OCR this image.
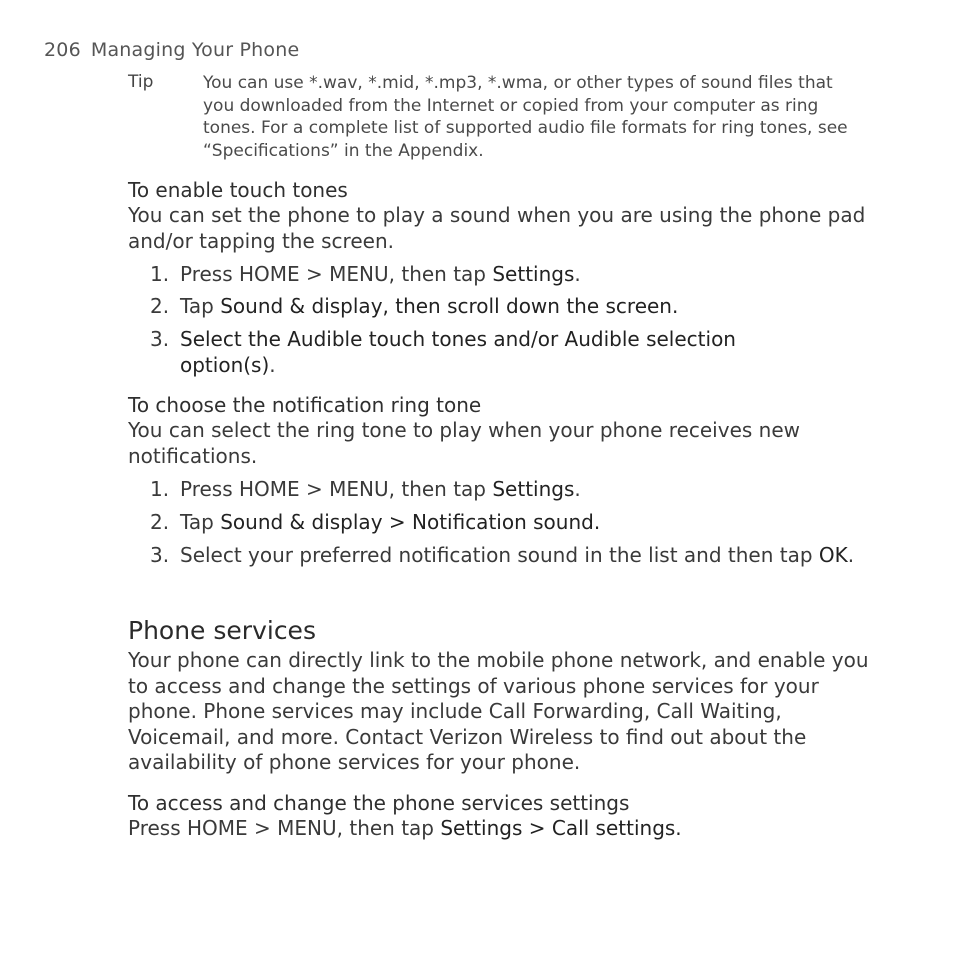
206 Managing Your Phone
Tip	You can use *.wav, *.mid, *.mp3, *.wma, or other types of sound files that you downloaded from the Internet or copied from your computer as ring tones. For a complete list of supported audio file formats for ring tones, see “Specifications” in the Appendix.
To enable touch tones
You can set the phone to play a sound when you are using the phone pad and/or tapping the screen.
1. Press HOME > MENU, then tap Settings.
2. Tap Sound & display, then scroll down the screen.
3. Select the Audible touch tones and/or Audible selection option(s).
To choose the notification ring tone
You can select the ring tone to play when your phone receives new notifications.
1. Press HOME > MENU, then tap Settings.
2. Tap Sound & display > Notification sound.
3. Select your preferred notification sound in the list and then tap OK.
Phone services
Your phone can directly link to the mobile phone network, and enable you to access and change the settings of various phone services for your phone. Phone services may include Call Forwarding, Call Waiting, Voicemail, and more. Contact Verizon Wireless to find out about the availability of phone services for your phone.
To access and change the phone services settings
Press HOME > MENU, then tap Settings > Call settings.
